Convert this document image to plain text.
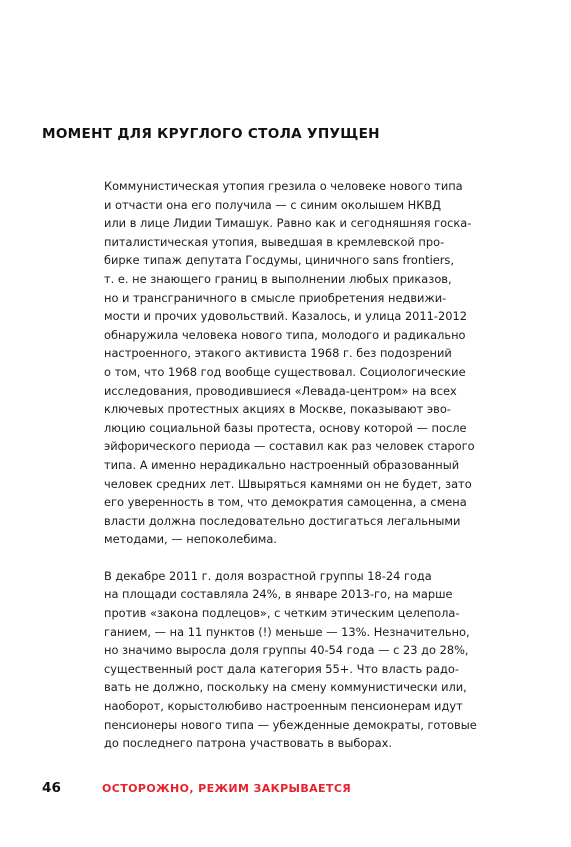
МОМЕНТ ДЛЯ КРУГЛОГО СТОЛА УПУЩЕН
Коммунистическая утопия грезила о человеке нового типа
и отчасти она его получила — с синим околышем НКВД
или в лице Лидии Тимашук. Равно как и сегодняшняя госка-
питалистическая утопия, выведшая в кремлевской про-
бирке типаж депутата Госдумы, циничного sans frontiers,
т. е. не знающего границ в выполнении любых приказов,
но и трансграничного в смысле приобретения недвижи-
мости и прочих удовольствий. Казалось, и улица 2011-2012
обнаружила человека нового типа, молодого и радикально
настроенного, этакого активиста 1968 г. без подозрений
о том, что 1968 год вообще существовал. Социологические
исследования, проводившиеся «Левада-центром» на всех
ключевых протестных акциях в Москве, показывают эво-
люцию социальной базы протеста, основу которой — после
эйфорического периода — составил как раз человек старого
типа. А именно нерадикально настроенный образованный
человек средних лет. Швыряться камнями он не будет, зато
его уверенность в том, что демократия самоценна, а смена
власти должна последовательно достигаться легальными
методами, — непоколебима.
В декабре 2011 г. доля возрастной группы 18-24 года
на площади составляла 24%, в январе 2013-го, на марше
против «закона подлецов», с четким этическим целепола-
ганием, — на 11 пунктов (!) меньше — 13%. Незначительно,
но значимо выросла доля группы 40-54 года — с 23 до 28%,
существенный рост дала категория 55+. Что власть радо-
вать не должно, поскольку на смену коммунистически или,
наоборот, корыстолюбиво настроенным пенсионерам идут
пенсионеры нового типа — убежденные демократы, готовые
до последнего патрона участвовать в выборах.
46	ОСТОРОЖНО, РЕЖИМ ЗАКРЫВАЕТСЯ
